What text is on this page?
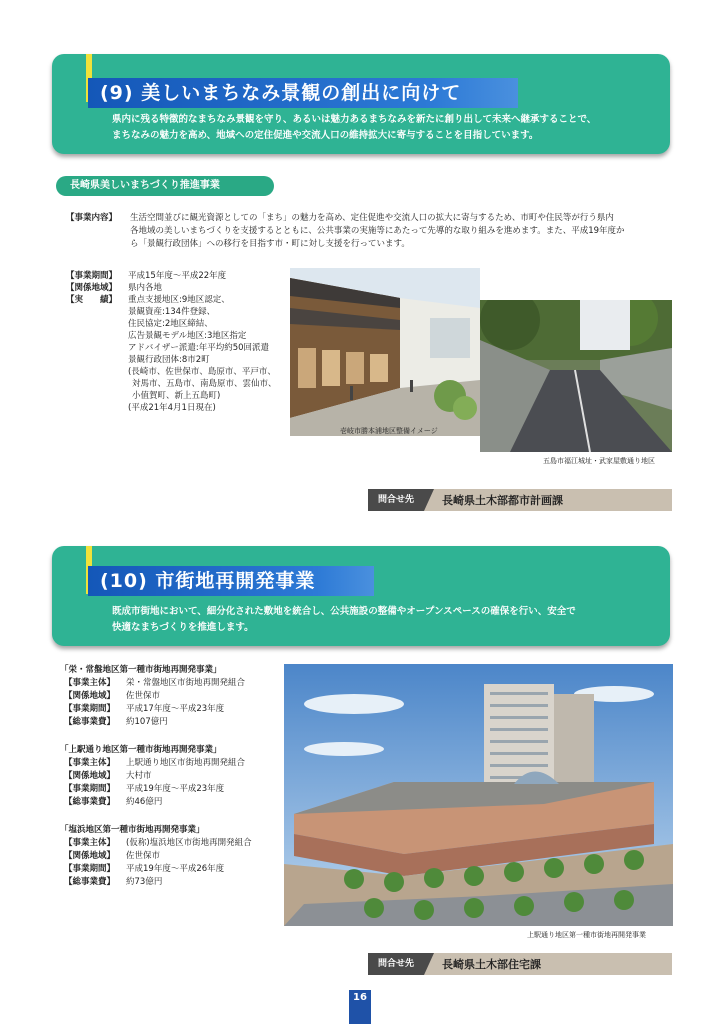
(9) 美しいまちなみ景観の創出に向けて
県内に残る特徴的なまちなみ景観を守り、あるいは魅力あるまちなみを新たに創り出して未来へ継承することで、
まちなみの魅力を高め、地域への定住促進や交流人口の維持拡大に寄与することを目指しています。
長崎県美しいまちづくり推進事業
【事業内容】 生活空間並びに観光資源としての「まち」の魅力を高め、定住促進や交流人口の拡大に寄与するため、市町や住民等が行う県内
各地域の美しいまちづくりを支援するとともに、公共事業の実施等にあたって先導的な取り組みを進めます。また、平成19年度か
ら「景観行政団体」への移行を目指す市・町に対し支援を行っています。
【事業期間】 平成15年度〜平成22年度
【関係地域】 県内各地
【実　　績】 重点支援地区:9地区認定、
景観資産:134件登録、
住民協定:2地区締結、
広告景観モデル地区:3地区指定
アドバイザー派遣:年平均約50回派遣
景観行政団体:8市2町
(長崎市、佐世保市、島原市、平戸市、
対馬市、五島市、南島原市、雲仙市、
小值賀町、新上五島町)
(平成21年4月1日現在)
壱岐市勝本浦地区整備イメージ
五島市福江城址・武家屋敷通り地区
問合せ先	長崎県土木部都市計画課
(10) 市街地再開発事業
既成市街地において、細分化された敷地を統合し、公共施設の整備やオープンスペースの確保を行い、安全で
快適なまちづくりを推進します。
「栄・常盤地区第一種市街地再開発事業」
【事業主体】 栄・常盤地区市街地再開発組合
【関係地域】 佐世保市
【事業期間】 平成17年度〜平成23年度
【総事業費】 約107億円
「上駅通り地区第一種市街地再開発事業」
【事業主体】 上駅通り地区市街地再開発組合
【関係地域】 大村市
【事業期間】 平成19年度〜平成23年度
【総事業費】 約46億円
「塩浜地区第一種市街地再開発事業」
【事業主体】 (仮称)塩浜地区市街地再開発組合
【関係地域】 佐世保市
【事業期間】 平成19年度〜平成26年度
【総事業費】 約73億円
上駅通り地区第一種市街地再開発事業
問合せ先	長崎県土木部住宅課
16
